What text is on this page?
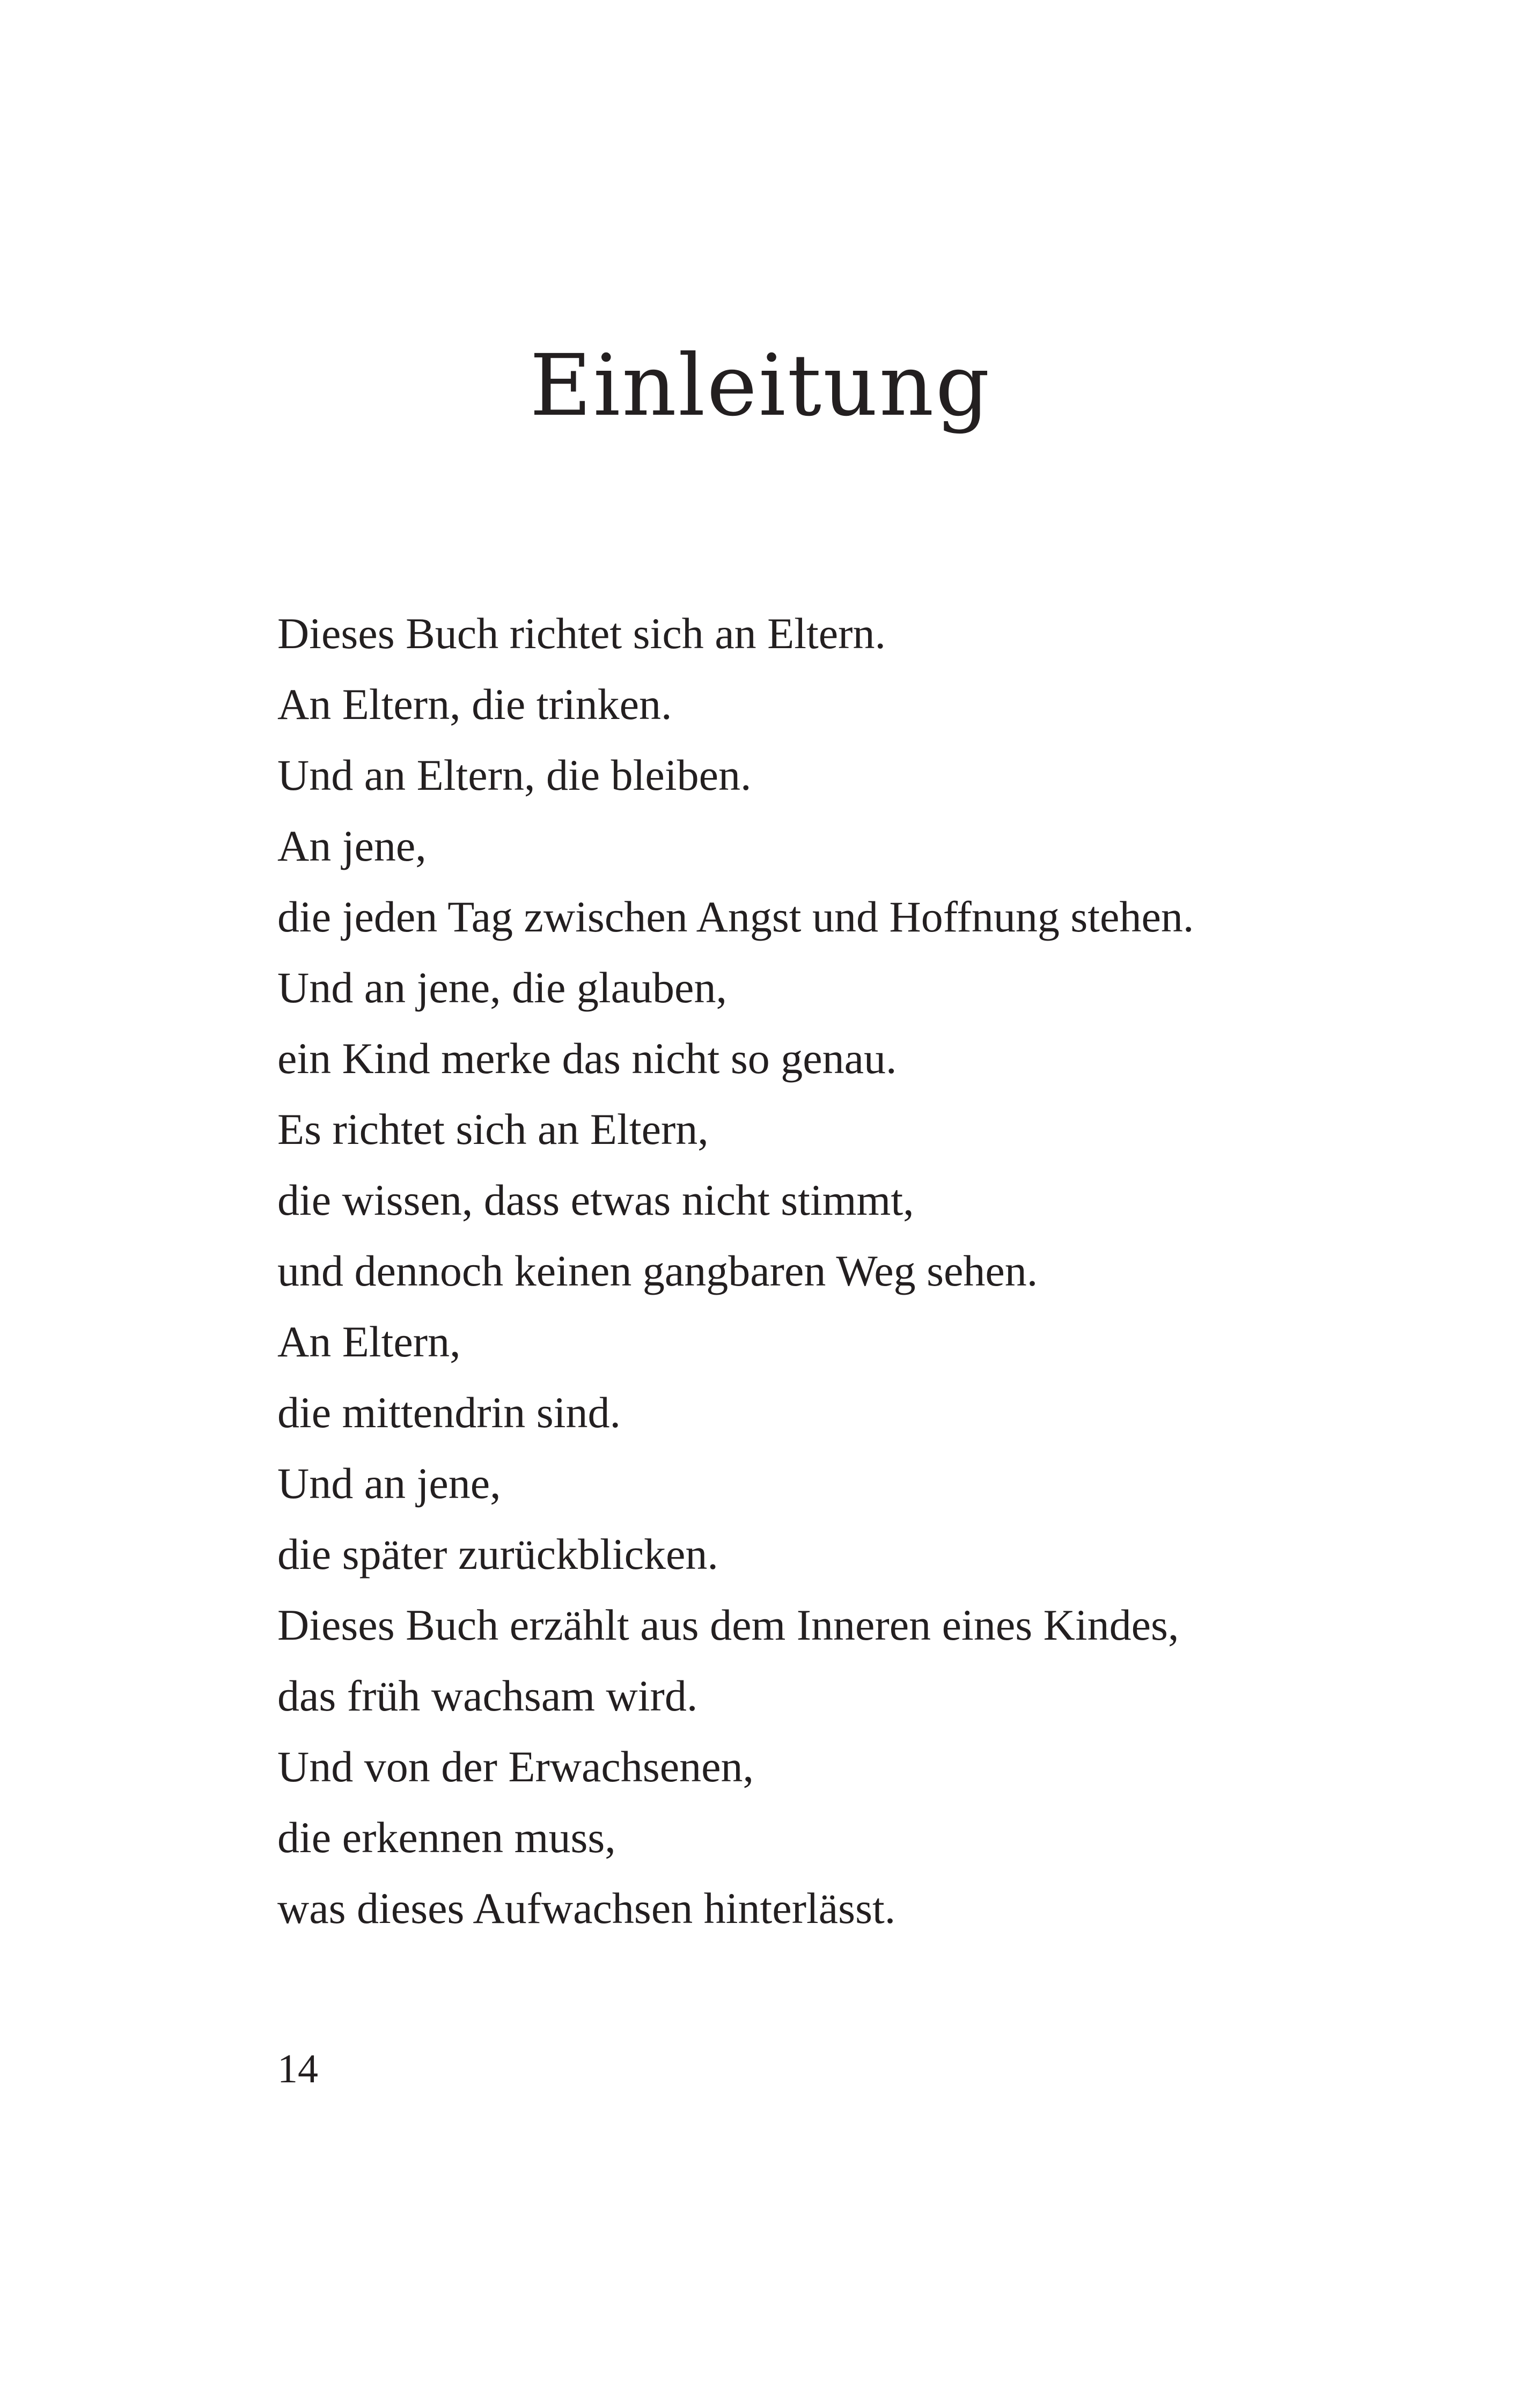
Einleitung
Dieses Buch richtet sich an Eltern.
An Eltern, die trinken.
Und an Eltern, die bleiben.
An jene,
die jeden Tag zwischen Angst und Hoffnung stehen.
Und an jene, die glauben,
ein Kind merke das nicht so genau.
Es richtet sich an Eltern,
die wissen, dass etwas nicht stimmt,
und dennoch keinen gangbaren Weg sehen.
An Eltern,
die mittendrin sind.
Und an jene,
die später zurückblicken.
Dieses Buch erzählt aus dem Inneren eines Kindes,
das früh wachsam wird.
Und von der Erwachsenen,
die erkennen muss,
was dieses Aufwachsen hinterlässt.
14
